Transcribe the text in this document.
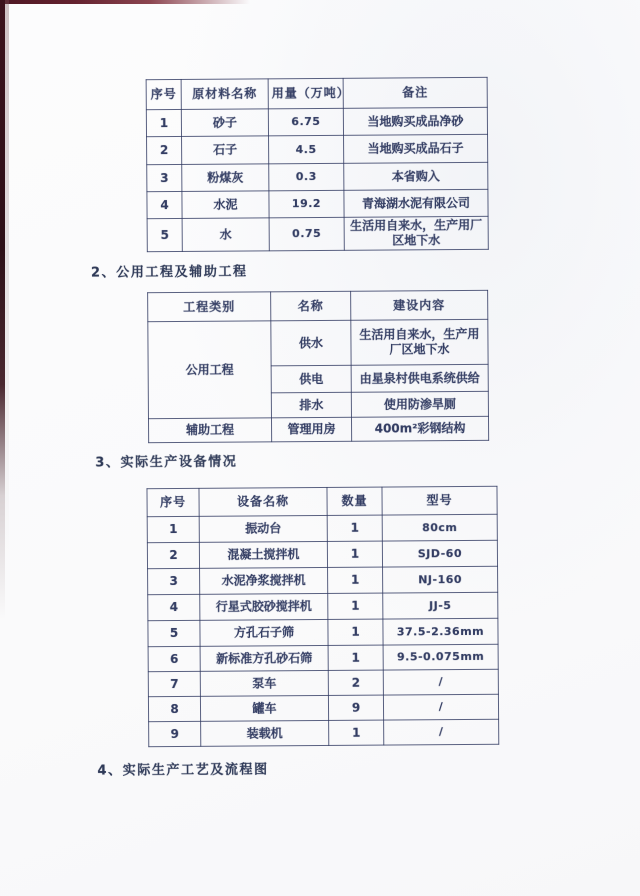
序号	原材料名称	用量（万吨）	备注
1	砂子	6.75	当地购买成品净砂
2	石子	4.5	当地购买成品石子
3	粉煤灰	0.3	本省购入
4	水泥	19.2	青海湖水泥有限公司
5	水	0.75	生活用自来水，生产用厂区地下水
2、公用工程及辅助工程
工程类别	名称	建设内容
公用工程	供水	生活用自来水，生产用厂区地下水
	供电	由星泉村供电系统供给
	排水	使用防渗旱厕
辅助工程	管理用房	400m²彩钢结构
3、实际生产设备情况
序号	设备名称	数量	型号
1	振动台	1	80cm
2	混凝土搅拌机	1	SJD-60
3	水泥净浆搅拌机	1	NJ-160
4	行星式胶砂搅拌机	1	JJ-5
5	方孔石子筛	1	37.5-2.36mm
6	新标准方孔砂石筛	1	9.5-0.075mm
7	泵车	2	/
8	罐车	9	/
9	装载机	1	/
4、实际生产工艺及流程图
